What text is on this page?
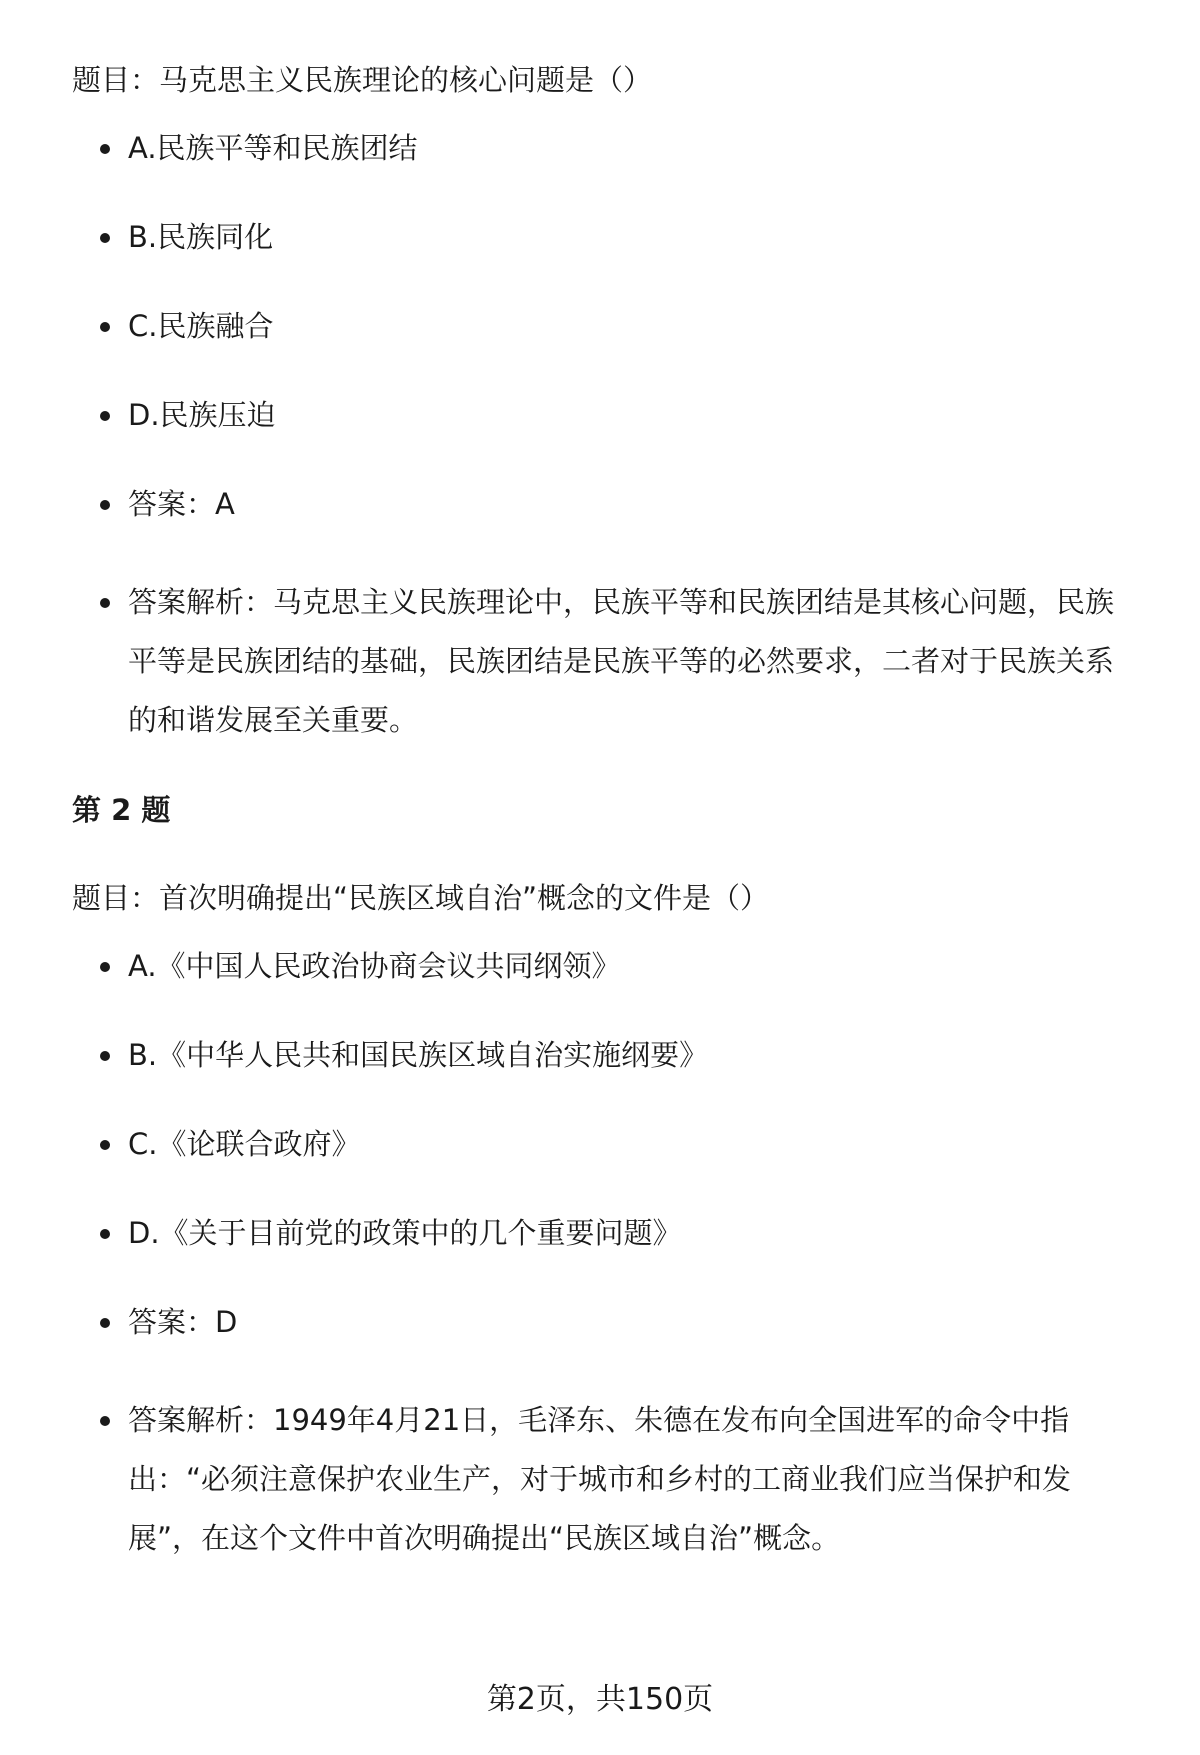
题目：马克思主义民族理论的核心问题是（）
A.民族平等和民族团结
B.民族同化
C.民族融合
D.民族压迫
答案：A
答案解析：马克思主义民族理论中，民族平等和民族团结是其核心问题，民族平等是民族团结的基础，民族团结是民族平等的必然要求，二者对于民族关系的和谐发展至关重要。
第 2 题
题目：首次明确提出“民族区域自治”概念的文件是（）
A.《中国人民政治协商会议共同纲领》
B.《中华人民共和国民族区域自治实施纲要》
C.《论联合政府》
D.《关于目前党的政策中的几个重要问题》
答案：D
答案解析：1949年4月21日，毛泽东、朱德在发布向全国进军的命令中指出：“必须注意保护农业生产，对于城市和乡村的工商业我们应当保护和发展”，在这个文件中首次明确提出“民族区域自治”概念。
第2页，共150页
